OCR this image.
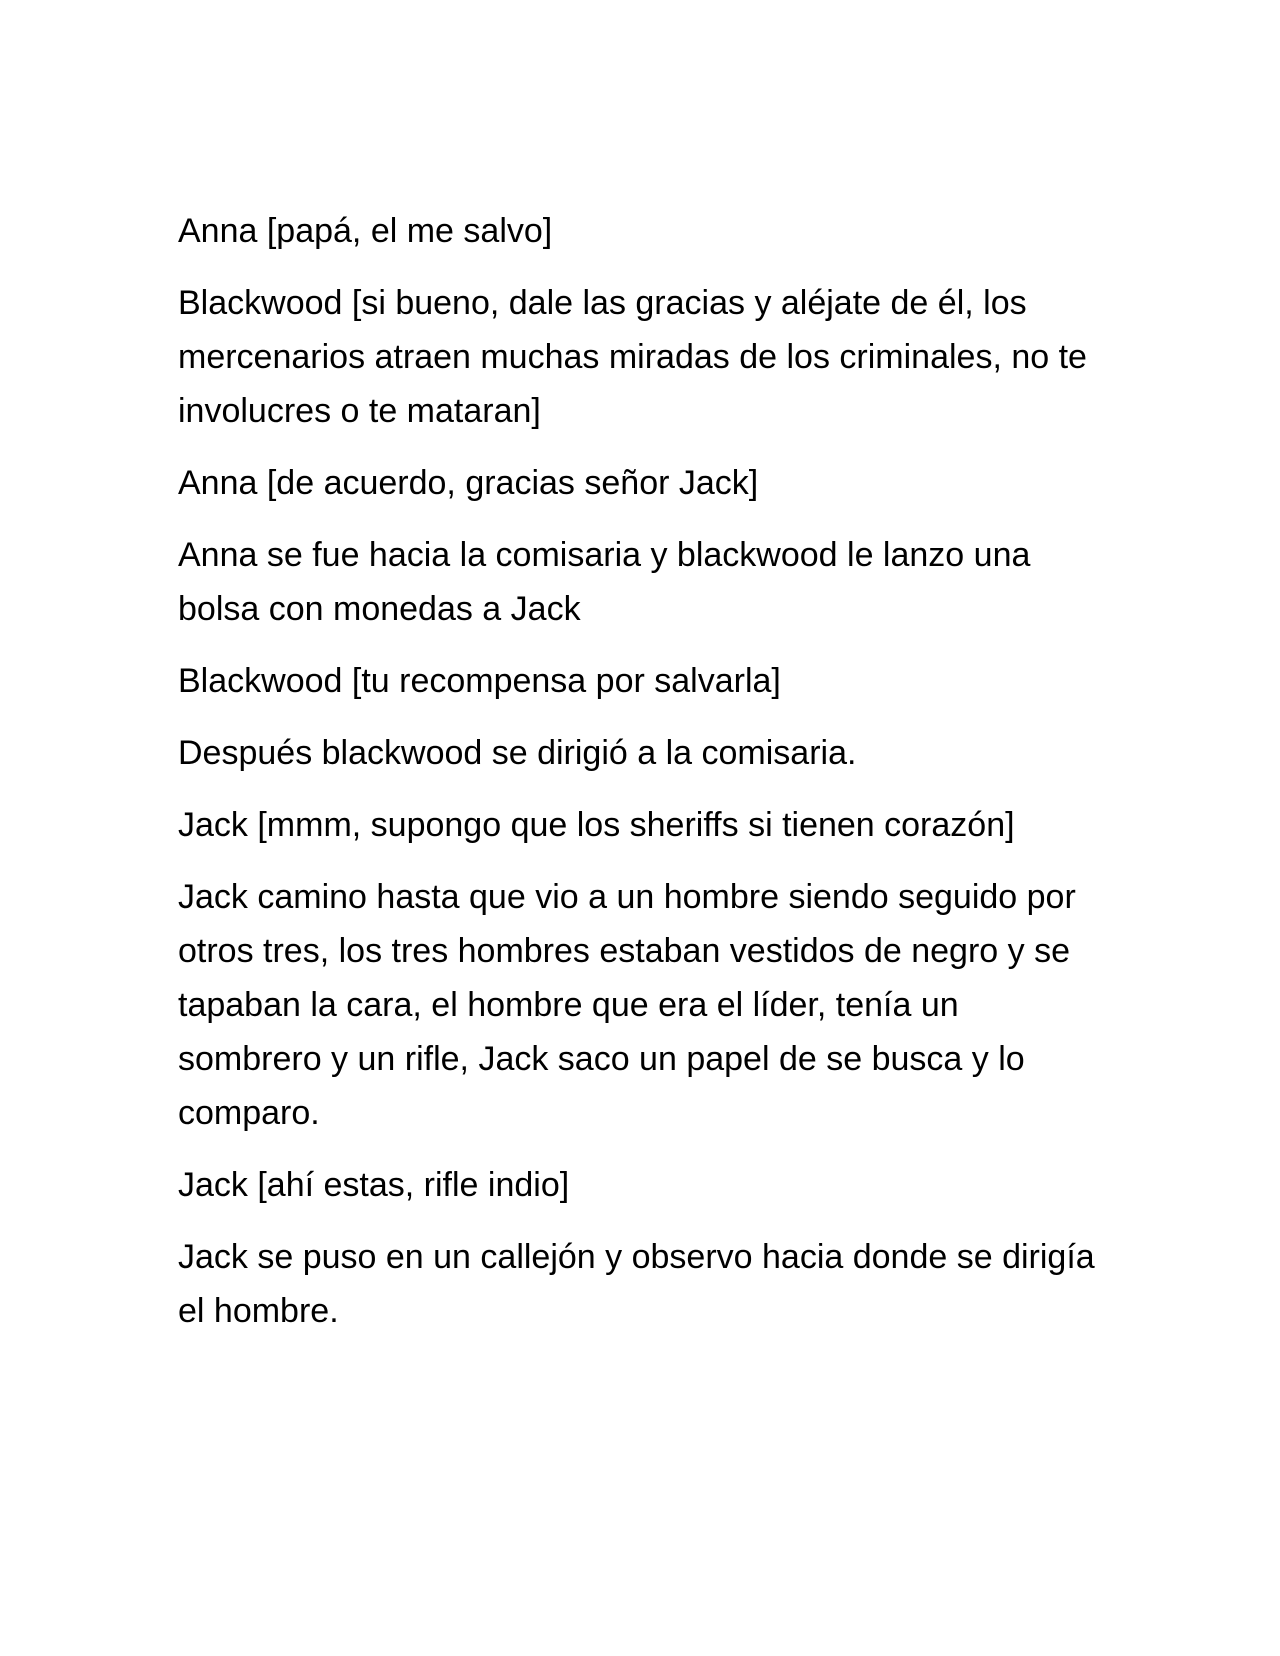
Anna [papá, el me salvo]

Blackwood [si bueno, dale las gracias y aléjate de él, los mercenarios atraen muchas miradas de los criminales, no te involucres o te mataran]

Anna [de acuerdo, gracias señor Jack]

Anna se fue hacia la comisaria y blackwood le lanzo una bolsa con monedas a Jack

Blackwood [tu recompensa por salvarla]

Después blackwood se dirigió a la comisaria.

Jack [mmm, supongo que los sheriffs si tienen corazón]

Jack camino hasta que vio a un hombre siendo seguido por otros tres, los tres hombres estaban vestidos de negro y se tapaban la cara, el hombre que era el líder, tenía un sombrero y un rifle, Jack saco un papel de se busca y lo comparo.

Jack [ahí estas, rifle indio]

Jack se puso en un callejón y observo hacia donde se dirigía el hombre.
